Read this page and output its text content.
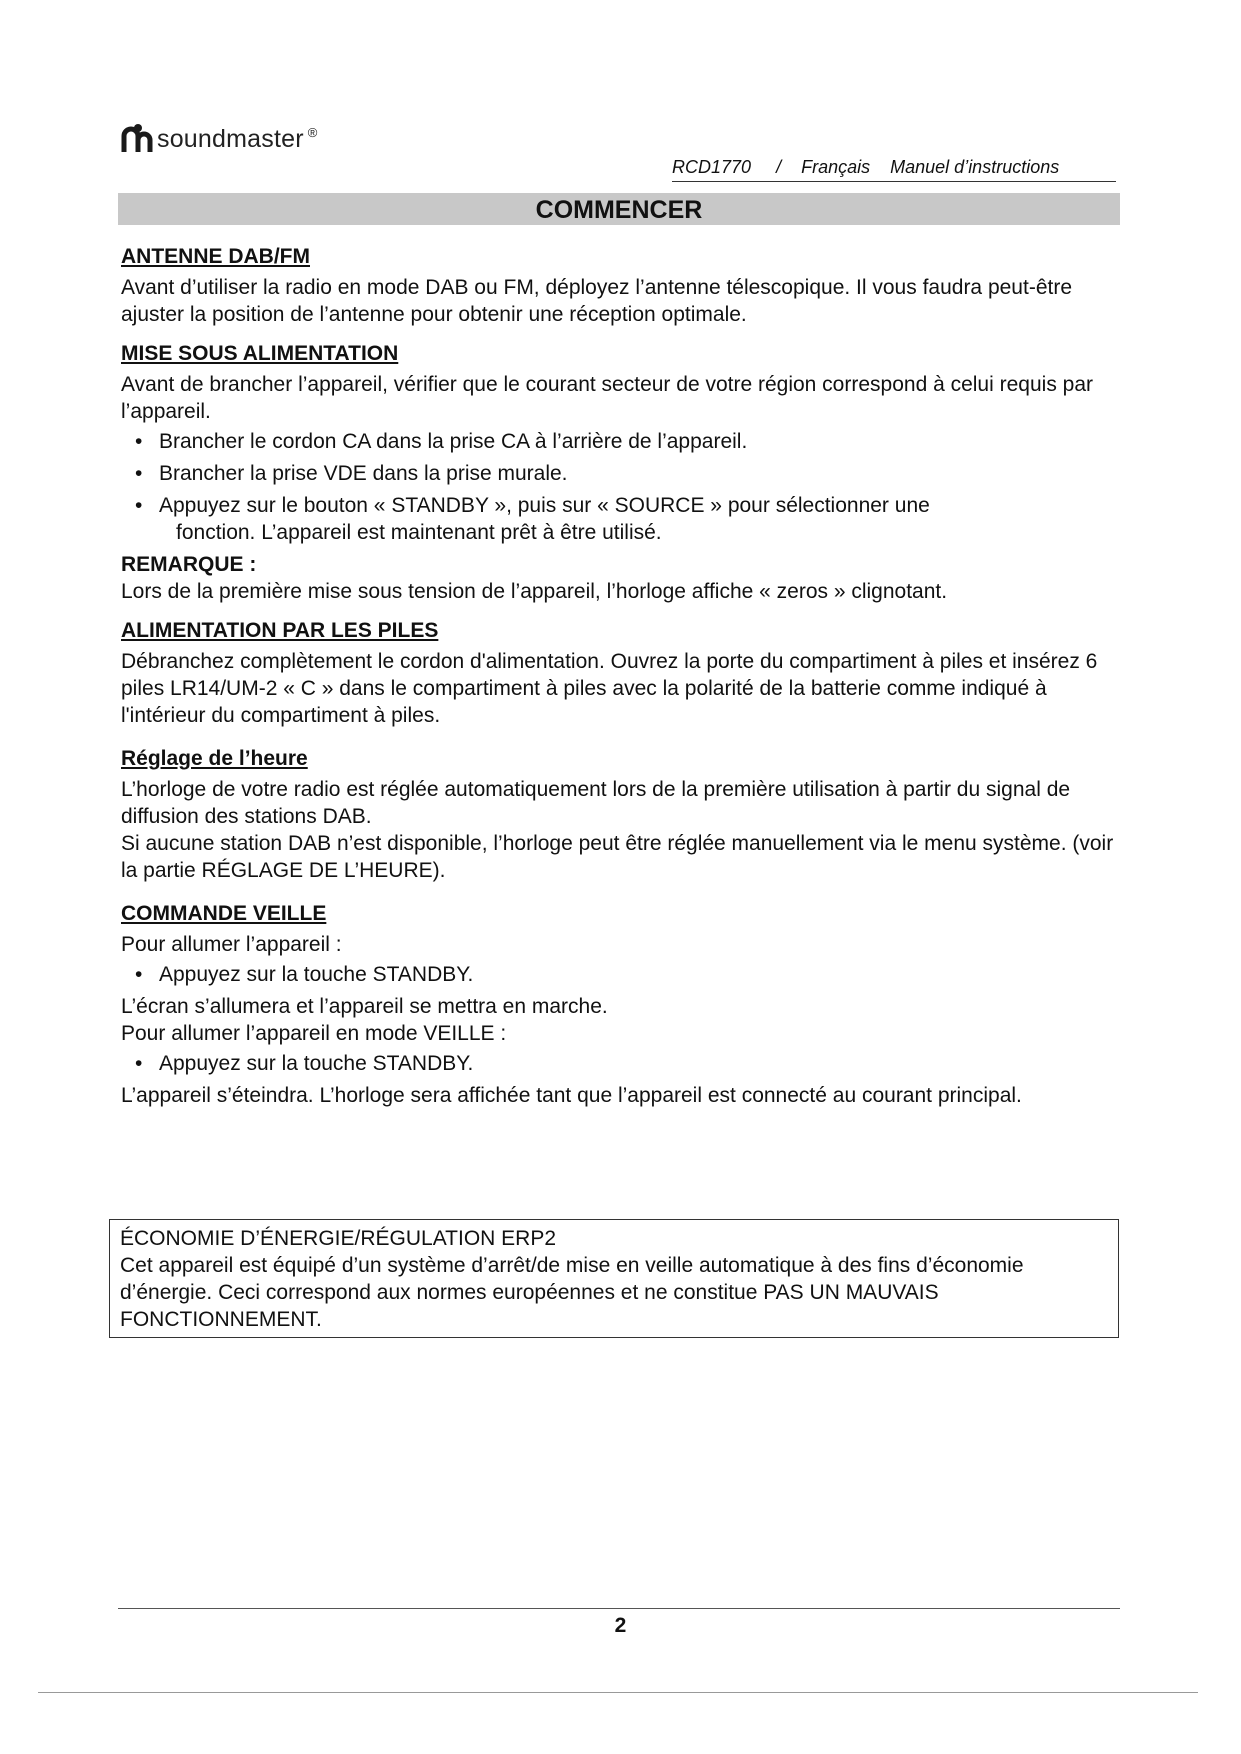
soundmaster ®
RCD1770 / Français Manuel d’instructions
COMMENCER

ANTENNE DAB/FM

Avant d’utiliser la radio en mode DAB ou FM, déployez l’antenne télescopique. Il vous faudra peut-être ajuster la position de l’antenne pour obtenir une réception optimale.

MISE SOUS ALIMENTATION

Avant de brancher l’appareil, vérifier que le courant secteur de votre région correspond à celui requis par l’appareil.

• Brancher le cordon CA dans la prise CA à l’arrière de l’appareil.
• Brancher la prise VDE dans la prise murale.
• Appuyez sur le bouton « STANDBY », puis sur « SOURCE » pour sélectionner une
fonction. L’appareil est maintenant prêt à être utilisé.

REMARQUE :

Lors de la première mise sous tension de l’appareil, l’horloge affiche « zeros » clignotant.

ALIMENTATION PAR LES PILES

Débranchez complètement le cordon d'alimentation. Ouvrez la porte du compartiment à piles et insérez 6 piles LR14/UM-2 « C » dans le compartiment à piles avec la polarité de la batterie comme indiqué à l'intérieur du compartiment à piles.

Réglage de l’heure

L’horloge de votre radio est réglée automatiquement lors de la première utilisation à partir du signal de diffusion des stations DAB.

Si aucune station DAB n’est disponible, l’horloge peut être réglée manuellement via le menu système. (voir la partie RÉGLAGE DE L’HEURE).

COMMANDE VEILLE

Pour allumer l’appareil :

• Appuyez sur la touche STANDBY.

L’écran s’allumera et l’appareil se mettra en marche.

Pour allumer l’appareil en mode VEILLE :

• Appuyez sur la touche STANDBY.

L’appareil s’éteindra. L’horloge sera affichée tant que l’appareil est connecté au courant principal.

ÉCONOMIE D’ÉNERGIE/RÉGULATION ERP2
Cet appareil est équipé d’un système d’arrêt/de mise en veille automatique à des fins d’économie d’énergie. Ceci correspond aux normes européennes et ne constitue PAS UN MAUVAIS FONCTIONNEMENT.
2
